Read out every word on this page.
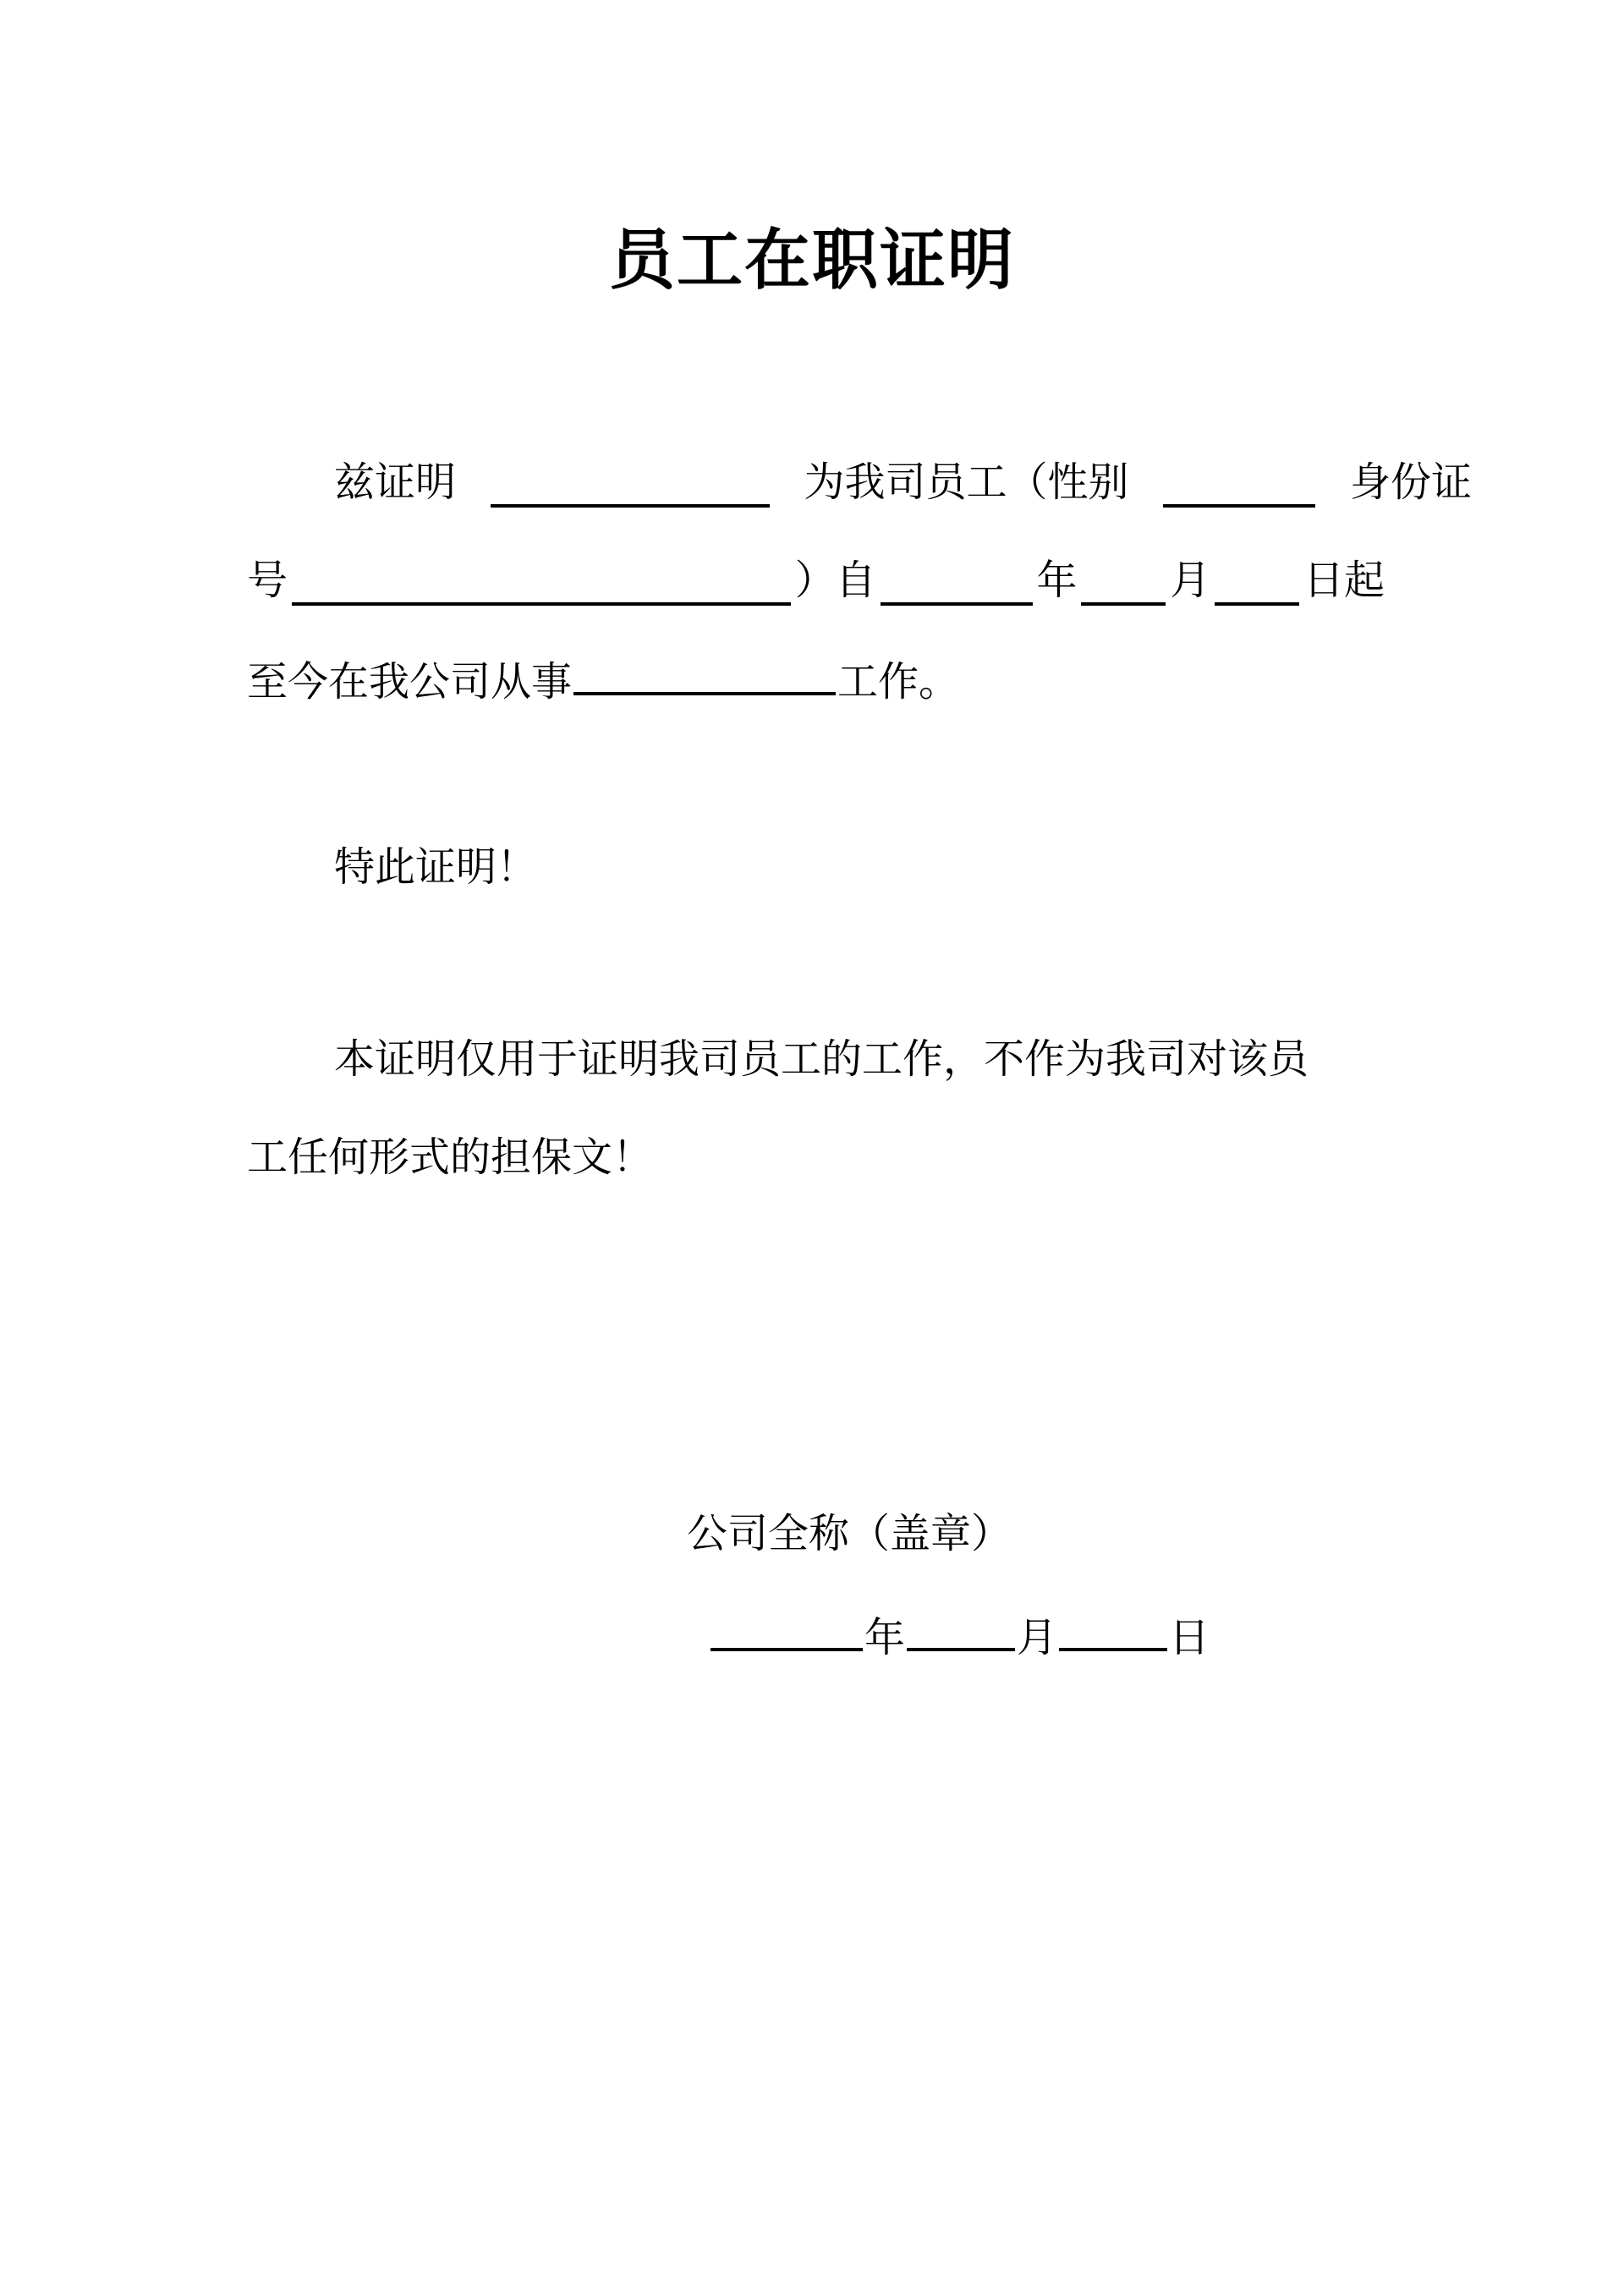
员工在职证明
兹证明	为我司员工（性别	身份证
号	）自	年 月 日起
至今在我公司从事	工作。
特此证明！
本证明仅用于证明我司员工的工作，不作为我司对该员
工任何形式的担保文！
公司全称（盖章）
年	月	日
